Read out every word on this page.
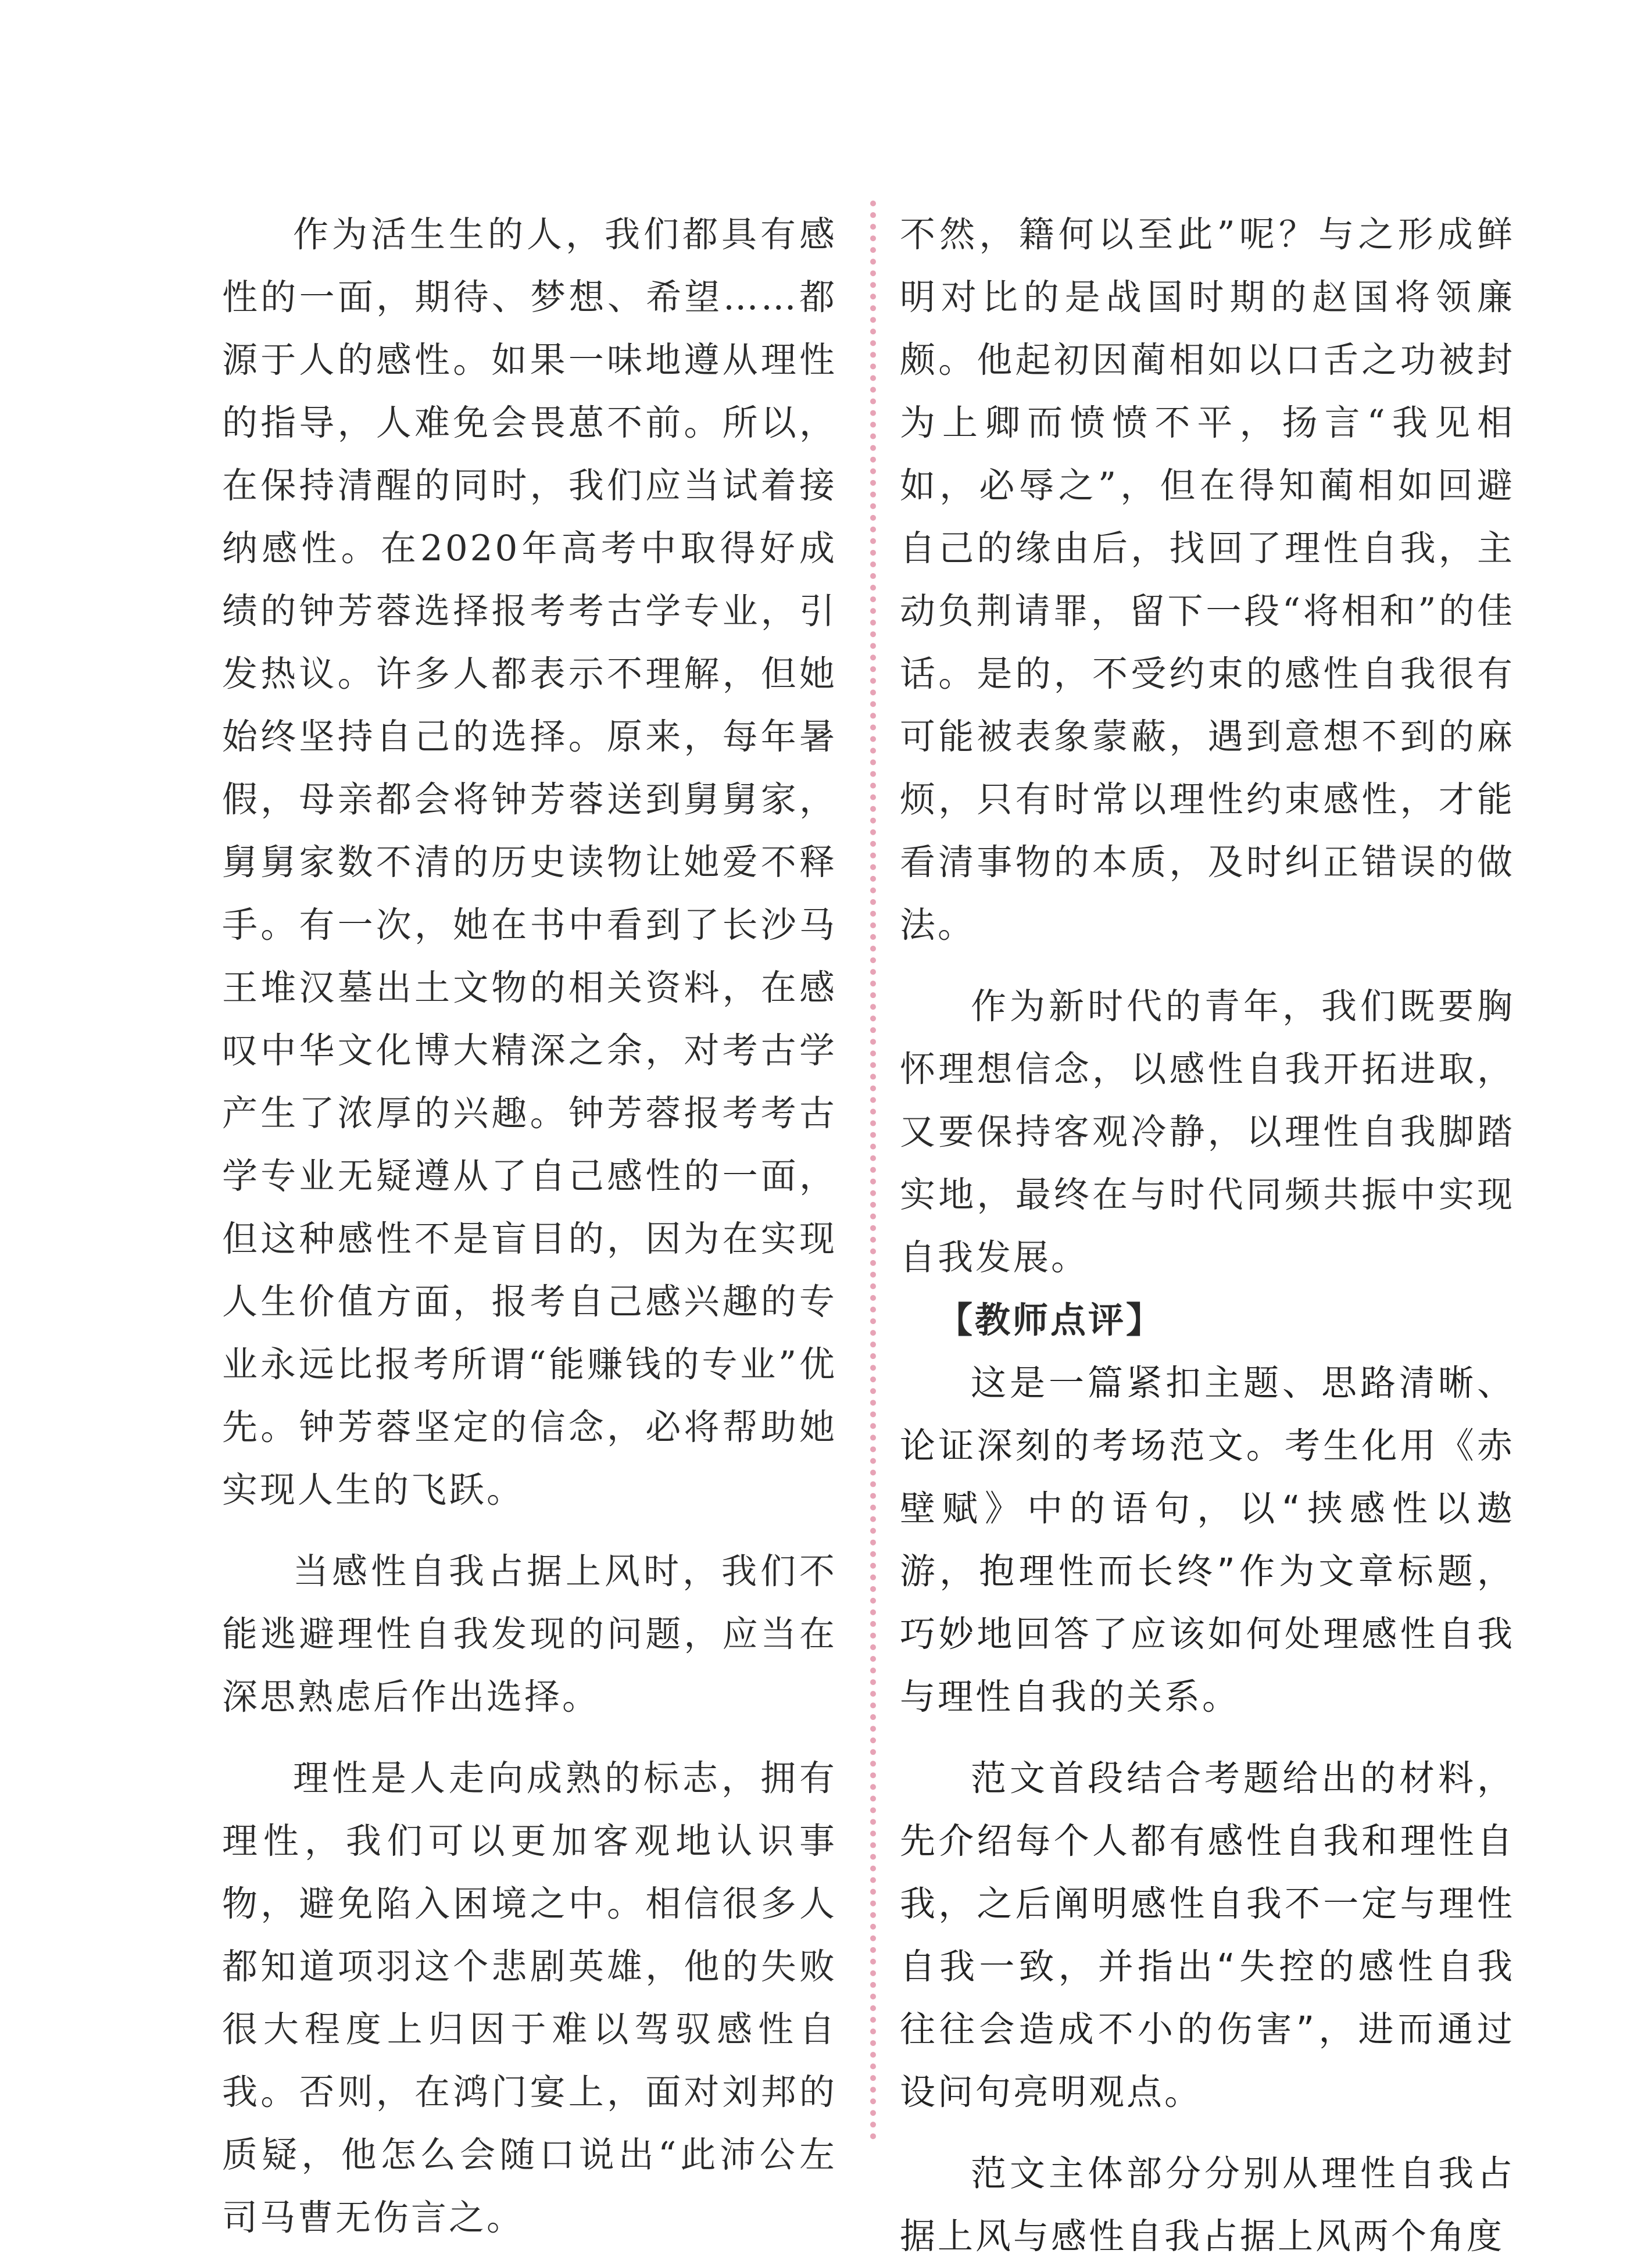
作为活生生的人，我们都具有感性的一面，期待、梦想、希望……都源于人的感性。如果一味地遵从理性的指导，人难免会畏葸不前。所以，在保持清醒的同时，我们应当试着接纳感性。在2020年高考中取得好成绩的钟芳蓉选择报考考古学专业，引发热议。许多人都表示不理解，但她始终坚持自己的选择。原来，每年暑假，母亲都会将钟芳蓉送到舅舅家，舅舅家数不清的历史读物让她爱不释手。有一次，她在书中看到了长沙马王堆汉墓出土文物的相关资料，在感叹中华文化博大精深之余，对考古学产生了浓厚的兴趣。钟芳蓉报考考古学专业无疑遵从了自己感性的一面，但这种感性不是盲目的，因为在实现人生价值方面，报考自己感兴趣的专业永远比报考所谓“能赚钱的专业”优先。钟芳蓉坚定的信念，必将帮助她实现人生的飞跃。

当感性自我占据上风时，我们不能逃避理性自我发现的问题，应当在深思熟虑后作出选择。

理性是人走向成熟的标志，拥有理性，我们可以更加客观地认识事物，避免陷入困境之中。相信很多人都知道项羽这个悲剧英雄，他的失败很大程度上归因于难以驾驭感性自我。否则，在鸿门宴上，面对刘邦的质疑，他怎么会随口说出“此沛公左司马曹无伤言之。

不然，籍何以至此”呢？与之形成鲜明对比的是战国时期的赵国将领廉颇。他起初因蔺相如以口舌之功被封为上卿而愤愤不平，扬言“我见相如，必辱之”，但在得知蔺相如回避自己的缘由后，找回了理性自我，主动负荆请罪，留下一段“将相和”的佳话。是的，不受约束的感性自我很有可能被表象蒙蔽，遇到意想不到的麻烦，只有时常以理性约束感性，才能看清事物的本质，及时纠正错误的做法。

作为新时代的青年，我们既要胸怀理想信念，以感性自我开拓进取，又要保持客观冷静，以理性自我脚踏实地，最终在与时代同频共振中实现自我发展。

【教师点评】

这是一篇紧扣主题、思路清晰、论证深刻的考场范文。考生化用《赤壁赋》中的语句，以“挟感性以遨游，抱理性而长终”作为文章标题，巧妙地回答了应该如何处理感性自我与理性自我的关系。

范文首段结合考题给出的材料，先介绍每个人都有感性自我和理性自我，之后阐明感性自我不一定与理性自我一致，并指出“失控的感性自我往往会造成不小的伤害”，进而通过设问句亮明观点。

范文主体部分分别从理性自我占据上风与感性自我占据上风两个角度
